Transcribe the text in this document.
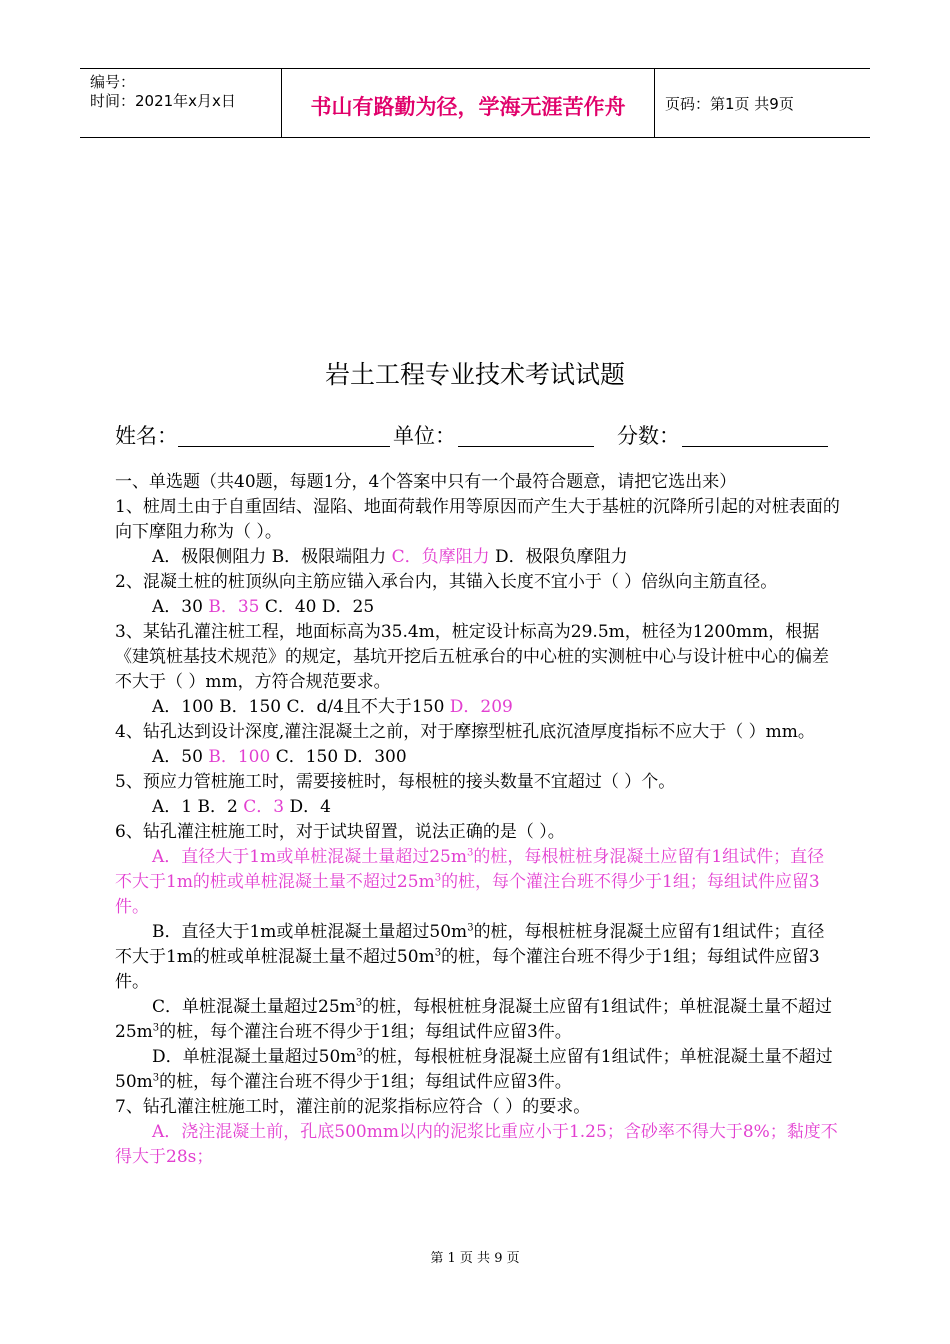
编号：
时间：2021年x月x日	书山有路勤为径，学海无涯苦作舟	页码：第1页 共9页
岩土工程专业技术考试试题
姓名：	单位：	分数：

一、单选题（共40题，每题1分，4个答案中只有一个最符合题意，请把它选出来）

1、桩周土由于自重固结、湿陷、地面荷载作用等原因而产生大于基桩的沉降所引起的对桩表面的向下摩阻力称为（ ）。

A．极限侧阻力 B．极限端阻力 C．负摩阻力 D．极限负摩阻力

2、混凝土桩的桩顶纵向主筋应锚入承台内，其锚入长度不宜小于（ ）倍纵向主筋直径。

A．30 B．35 C．40 D．25

3、某钻孔灌注桩工程，地面标高为35.4m，桩定设计标高为29.5m，桩径为1200mm，根据《建筑桩基技术规范》的规定，基坑开挖后五桩承台的中心桩的实测桩中心与设计桩中心的偏差不大于（ ）mm，方符合规范要求。

A．100 B．150 C．d/4且不大于150 D．209

4、钻孔达到设计深度,灌注混凝土之前，对于摩擦型桩孔底沉渣厚度指标不应大于（ ）mm。

A．50 B．100 C．150 D．300

5、预应力管桩施工时，需要接桩时，每根桩的接头数量不宜超过（ ）个。

A．1 B．2 C．3 D．4

6、钻孔灌注桩施工时，对于试块留置，说法正确的是（ ）。

A．直径大于1m或单桩混凝土量超过$25m^3$的桩，每根桩桩身混凝土应留有1组试件；直径不大于1m的桩或单桩混凝土量不超过$25m^3$的桩，每个灌注台班不得少于1组；每组试件应留3件。

B．直径大于1m或单桩混凝土量超过$50m^3$的桩，每根桩桩身混凝土应留有1组试件；直径不大于1m的桩或单桩混凝土量不超过$50m^3$的桩，每个灌注台班不得少于1组；每组试件应留3件。

C．单桩混凝土量超过$25m^3$的桩，每根桩桩身混凝土应留有1组试件；单桩混凝土量不超过$25m^3$的桩，每个灌注台班不得少于1组；每组试件应留3件。

D．单桩混凝土量超过$50m^3$的桩，每根桩桩身混凝土应留有1组试件；单桩混凝土量不超过$50m^3$的桩，每个灌注台班不得少于1组；每组试件应留3件。

7、钻孔灌注桩施工时，灌注前的泥浆指标应符合（ ）的要求。

A．浇注混凝土前，孔底500mm以内的泥浆比重应小于1.25；含砂率不得大于8%；黏度不得大于28s；

第 1 页 共 9 页
